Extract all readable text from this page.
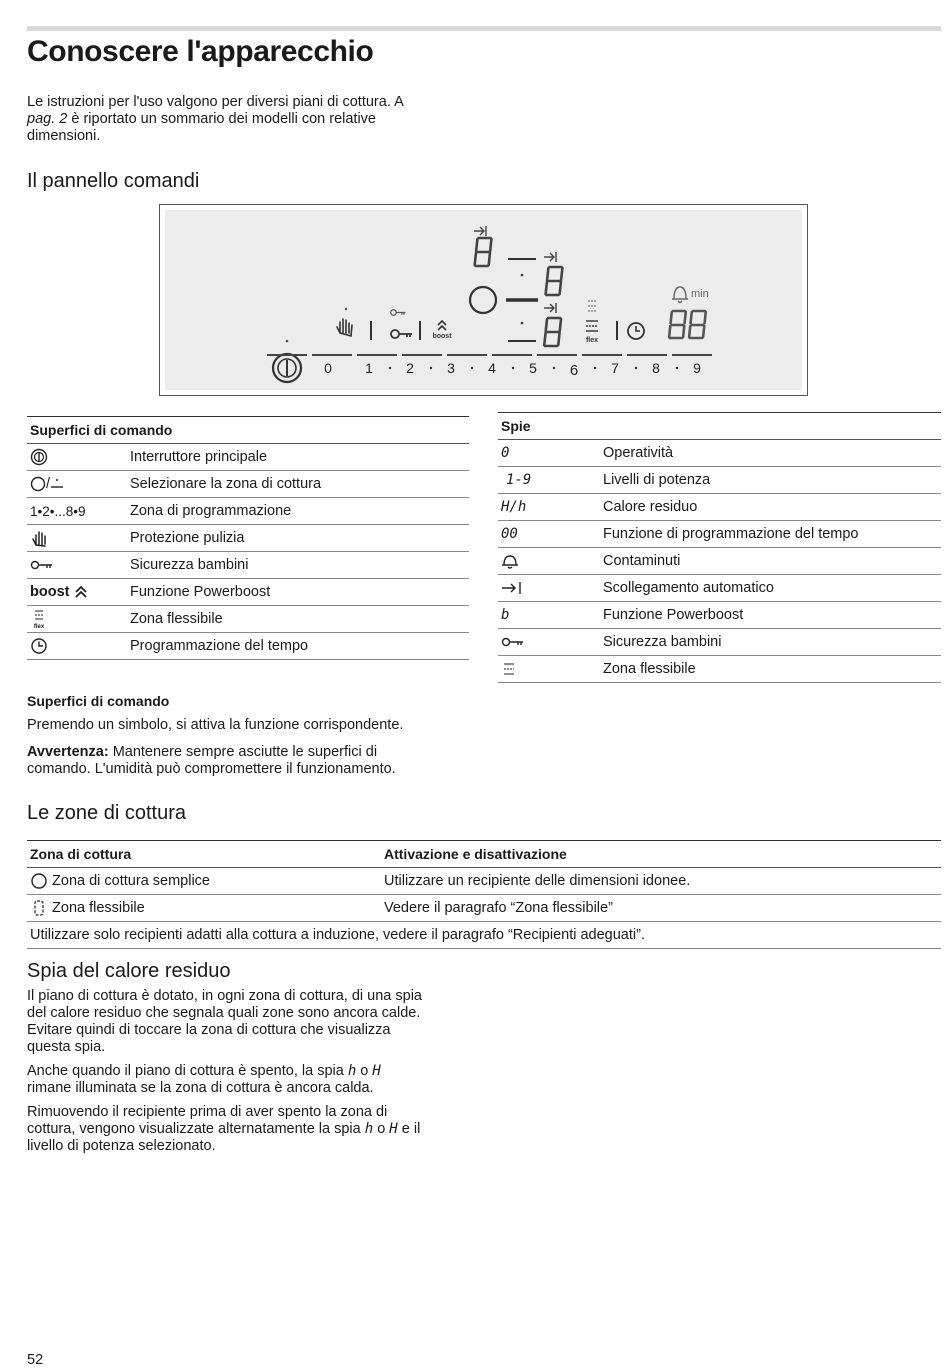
Conoscere l'apparecchio

Le istruzioni per l'uso valgono per diversi piani di cottura. A

pag. 2 è riportato un sommario dei modelli con relative

dimensioni.

Il pannello comandi
0 1 2 3 4 5 6 7 8 9
boost
flex
min
Superfici di comando	
	Interruttore principale
/	Selezionare la zona di cottura
1•2•...8•9	Zona di programmazione
	Protezione pulizia
	Sicurezza bambini
boost	Funzione Powerboost

flex	Zona flessibile
	Programmazione del tempo
Spie	
0	Operatività
1-9	Livelli di potenza
H/h	Calore residuo
00	Funzione di programmazione del tempo
	Contaminuti
	Scollegamento automatico
b	Funzione Powerboost
	Sicurezza bambini
	Zona flessibile

Superfici di comando

Premendo un simbolo, si attiva la funzione corrispondente.

Avvertenza: Mantenere sempre asciutte le superfici di

comando. L'umidità può compromettere il funzionamento.

Le zone di cottura
Zona di cottura	Attivazione e disattivazione
Zona di cottura semplice	Utilizzare un recipiente delle dimensioni idonee.
Zona flessibile	Vedere il paragrafo “Zona flessibile”
Utilizzare solo recipienti adatti alla cottura a induzione, vedere il paragrafo “Recipienti adeguati”.	
Spia del calore residuo

Il piano di cottura è dotato, in ogni zona di cottura, di una spia

del calore residuo che segnala quali zone sono ancora calde.

Evitare quindi di toccare la zona di cottura che visualizza

questa spia.

Anche quando il piano di cottura è spento, la spia h o H

rimane illuminata se la zona di cottura è ancora calda.

Rimuovendo il recipiente prima di aver spento la zona di

cottura, vengono visualizzate alternatamente la spia h o H e il

livello di potenza selezionato.

52
